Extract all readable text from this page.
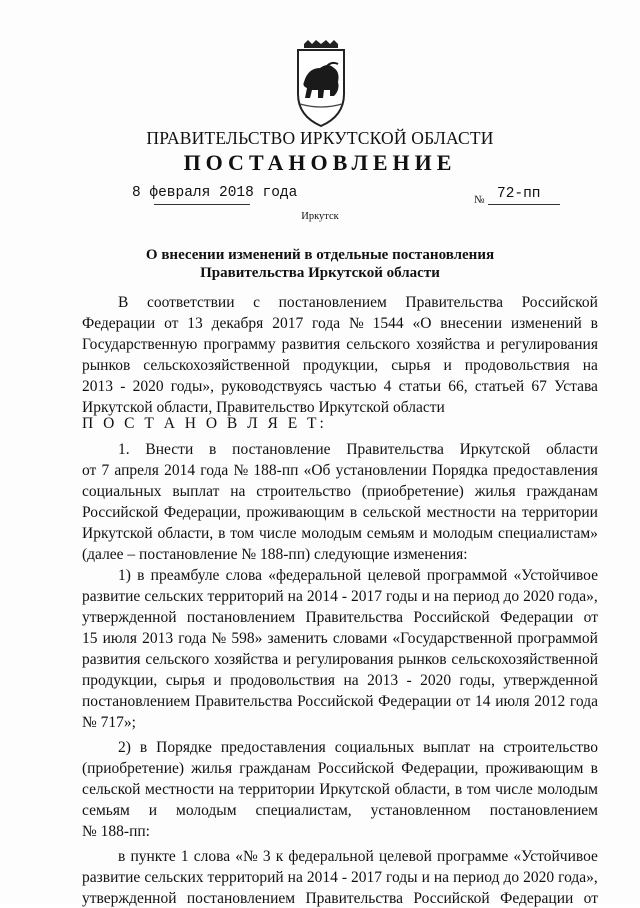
ПРАВИТЕЛЬСТВО ИРКУТСКОЙ ОБЛАСТИ
ПОСТАНОВЛЕНИЕ
8 февраля 2018 года	№ 72-пп
Иркутск
О внесении изменений в отдельные постановления
Правительства Иркутской области
В соответствии с постановлением Правительства Российской
Федерации от 13 декабря 2017 года № 1544 «О внесении изменений в
Государственную программу развития сельского хозяйства и регулирования
рынков сельскохозяйственной продукции, сырья и продовольствия на
2013 - 2020 годы», руководствуясь частью 4 статьи 66, статьей 67 Устава
Иркутской области, Правительство Иркутской области
П О С Т А Н О В Л Я Е Т:
1. Внести в постановление Правительства Иркутской области
от 7 апреля 2014 года № 188-пп «Об установлении Порядка предоставления
социальных выплат на строительство (приобретение) жилья гражданам
Российской Федерации, проживающим в сельской местности на территории
Иркутской области, в том числе молодым семьям и молодым специалистам»
(далее – постановление № 188-пп) следующие изменения:
1) в преамбуле слова «федеральной целевой программой «Устойчивое
развитие сельских территорий на 2014 - 2017 годы и на период до 2020 года»,
утвержденной постановлением Правительства Российской Федерации от
15 июля 2013 года № 598» заменить словами «Государственной программой
развития сельского хозяйства и регулирования рынков сельскохозяйственной
продукции, сырья и продовольствия на 2013 - 2020 годы, утвержденной
постановлением Правительства Российской Федерации от 14 июля 2012 года
№ 717»;
2) в Порядке предоставления социальных выплат на строительство
(приобретение) жилья гражданам Российской Федерации, проживающим в
сельской местности на территории Иркутской области, в том числе молодым
семьям и молодым специалистам, установленном постановлением
№ 188-пп:
в пункте 1 слова «№ 3 к федеральной целевой программе «Устойчивое
развитие сельских территорий на 2014 - 2017 годы и на период до 2020 года»,
утвержденной постановлением Правительства Российской Федерации от
